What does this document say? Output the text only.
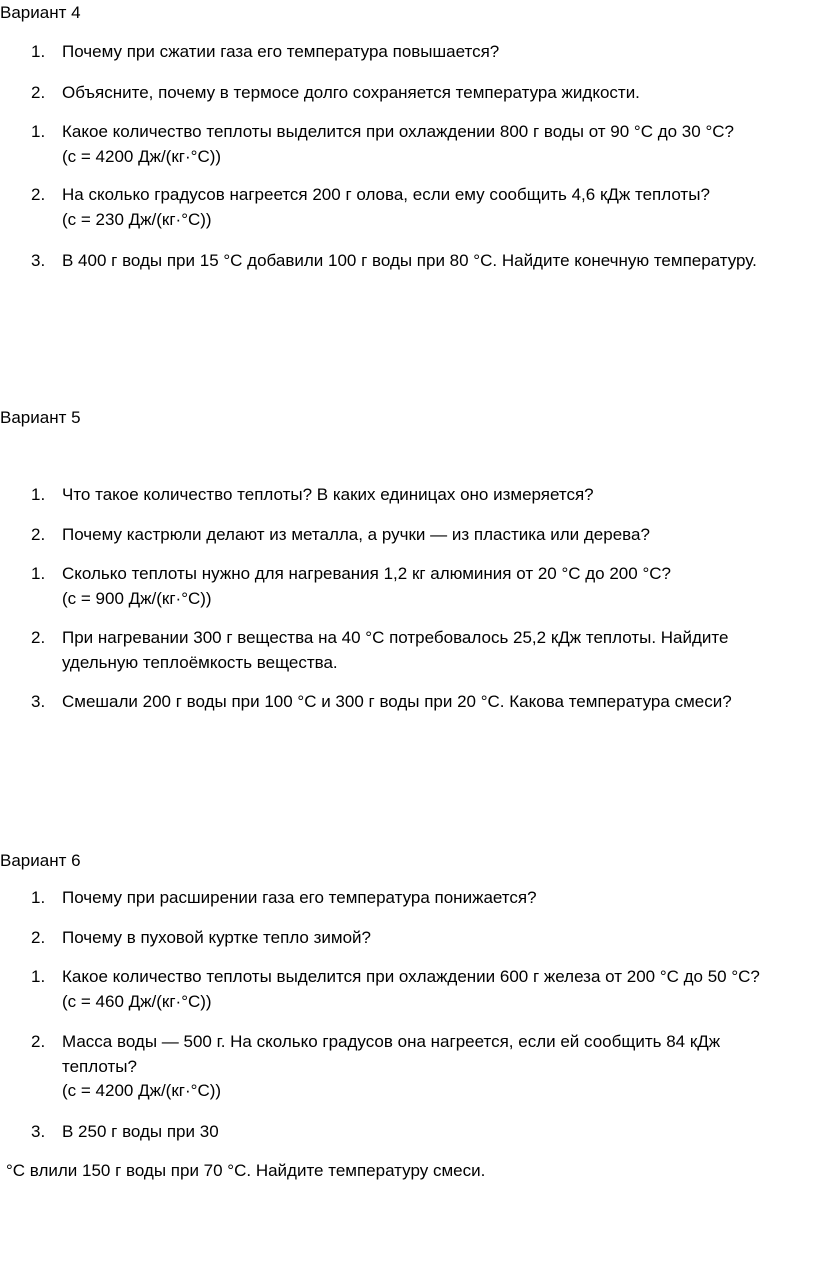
Вариант 4
1. Почему при сжатии газа его температура повышается?
2. Объясните, почему в термосе долго сохраняется температура жидкости.
1. Какое количество теплоты выделится при охлаждении 800 г воды от 90 °C до 30 °C?
(c = 4200 Дж/(кг·°C))
2. На сколько градусов нагреется 200 г олова, если ему сообщить 4,6 кДж теплоты?
(c = 230 Дж/(кг·°C))
3. В 400 г воды при 15 °C добавили 100 г воды при 80 °C. Найдите конечную температуру.
Вариант 5
1. Что такое количество теплоты? В каких единицах оно измеряется?
2. Почему кастрюли делают из металла, а ручки — из пластика или дерева?
1. Сколько теплоты нужно для нагревания 1,2 кг алюминия от 20 °C до 200 °C?
(c = 900 Дж/(кг·°C))
2. При нагревании 300 г вещества на 40 °C потребовалось 25,2 кДж теплоты. Найдите
удельную теплоёмкость вещества.
3. Смешали 200 г воды при 100 °C и 300 г воды при 20 °C. Какова температура смеси?
Вариант 6
1. Почему при расширении газа его температура понижается?
2. Почему в пуховой куртке тепло зимой?
1. Какое количество теплоты выделится при охлаждении 600 г железа от 200 °C до 50 °C?
(c = 460 Дж/(кг·°C))
2. Масса воды — 500 г. На сколько градусов она нагреется, если ей сообщить 84 кДж
теплоты?
(c = 4200 Дж/(кг·°C))
3. В 250 г воды при 30
°C влили 150 г воды при 70 °C. Найдите температуру смеси.
